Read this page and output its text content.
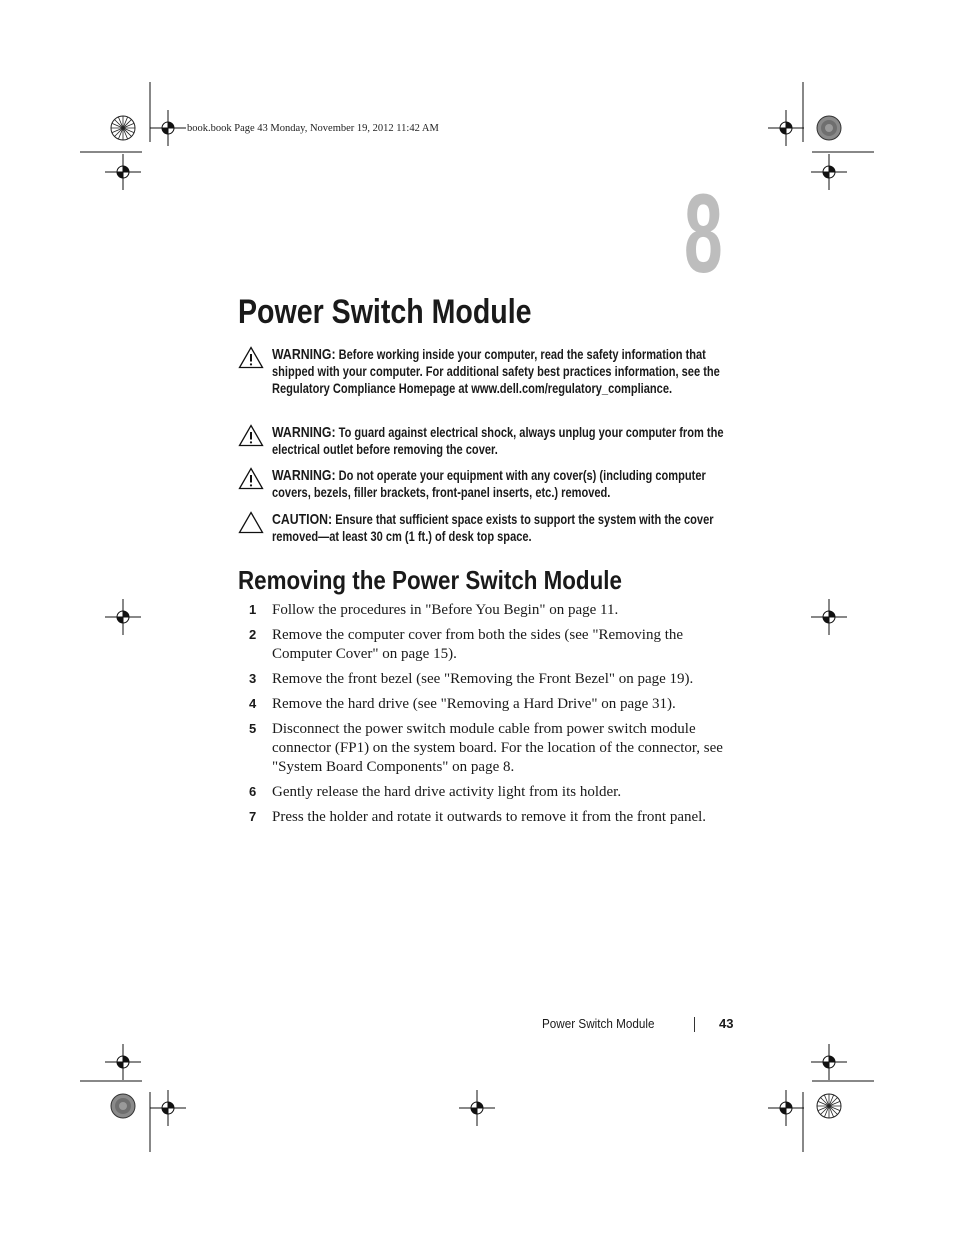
book.book Page 43 Monday, November 19, 2012 11:42 AM
8
Power Switch Module
WARNING: Before working inside your computer, read the safety information that shipped with your computer. For additional safety best practices information, see the Regulatory Compliance Homepage at www.dell.com/regulatory_compliance.
WARNING: To guard against electrical shock, always unplug your computer from the electrical outlet before removing the cover.
WARNING: Do not operate your equipment with any cover(s) (including computer covers, bezels, filler brackets, front-panel inserts, etc.) removed.
CAUTION: Ensure that sufficient space exists to support the system with the cover removed—at least 30 cm (1 ft.) of desk top space.
Removing the Power Switch Module
1 Follow the procedures in "Before You Begin" on page 11.
2 Remove the computer cover from both the sides (see "Removing the Computer Cover" on page 15).
3 Remove the front bezel (see "Removing the Front Bezel" on page 19).
4 Remove the hard drive (see "Removing a Hard Drive" on page 31).
5 Disconnect the power switch module cable from power switch module connector (FP1) on the system board. For the location of the connector, see "System Board Components" on page 8.
6 Gently release the hard drive activity light from its holder.
7 Press the holder and rotate it outwards to remove it from the front panel.
Power Switch Module	43
